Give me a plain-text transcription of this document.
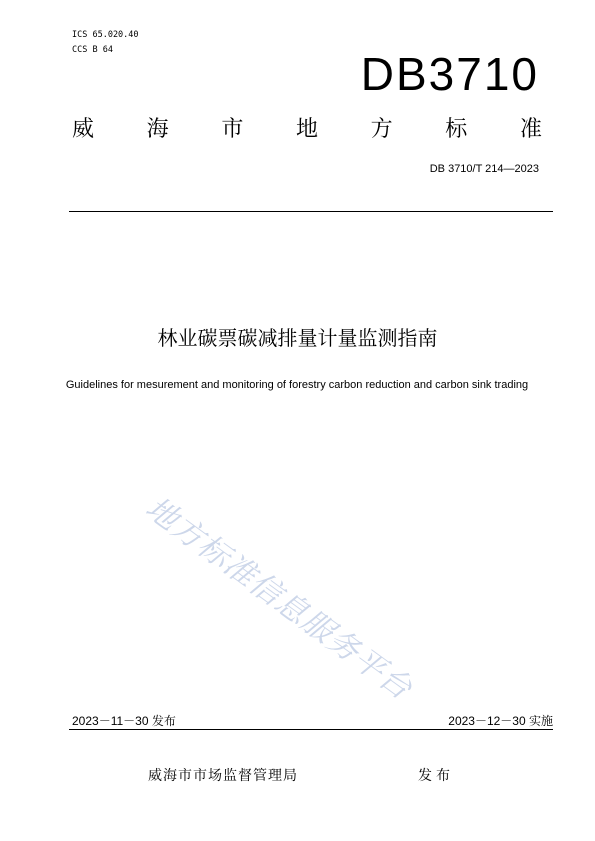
ICS 65.020.40
CCS B 64	DB3710
威 海 市 地 方 标 准
DB 3710/T 214—2023
林业碳票碳减排量计量监测指南
Guidelines for mesurement and monitoring of forestry carbon reduction and carbon sink trading
地方标准信息服务平台
2023－11－30 发布	2023－12－30 实施
威海市市场监督管理局	发布
